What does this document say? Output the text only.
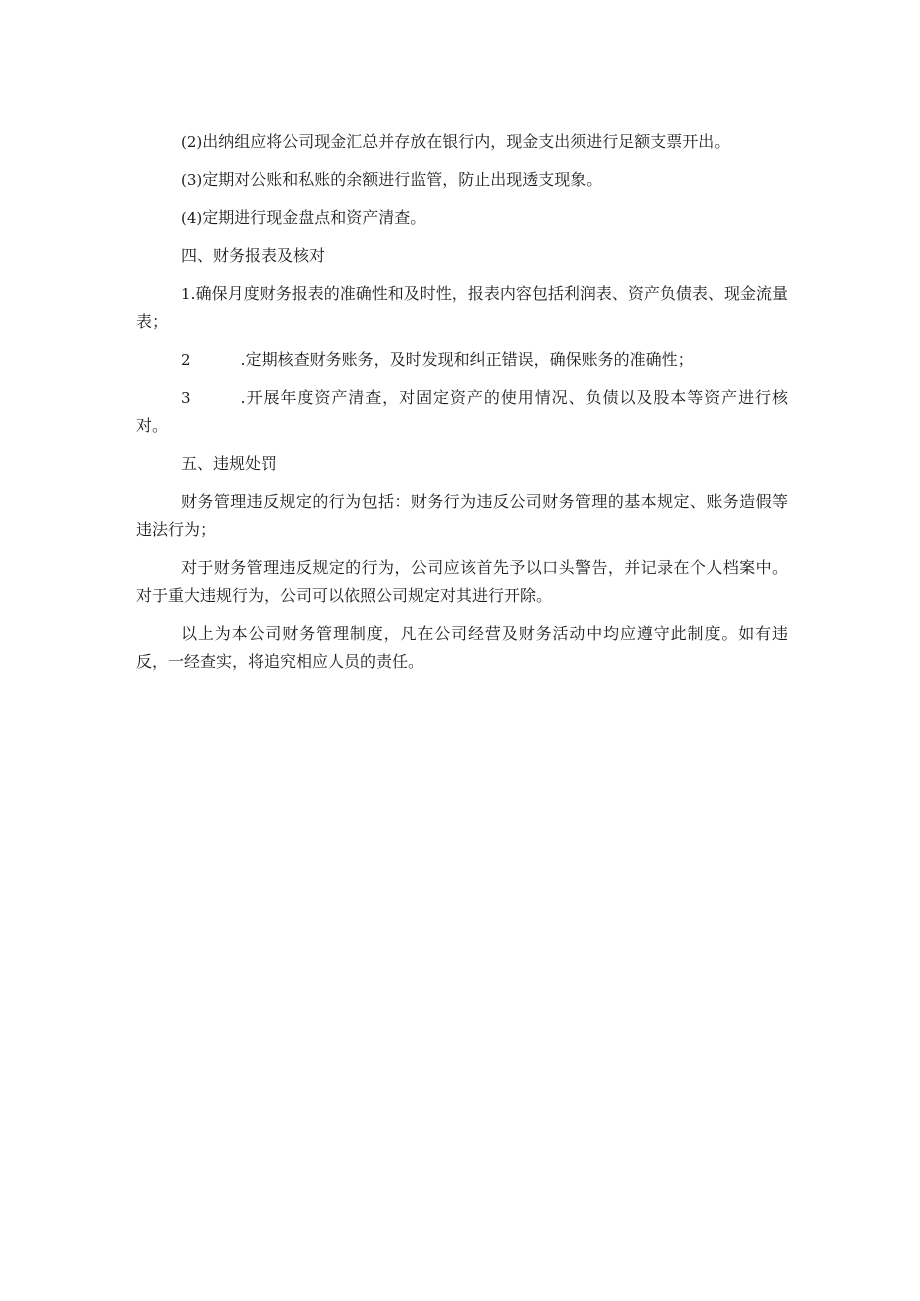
(2)出纳组应将公司现金汇总并存放在银行内，现金支出须进行足额支票开出。

(3)定期对公账和私账的余额进行监管，防止出现透支现象。

(4)定期进行现金盘点和资产清查。

四、财务报表及核对

1.确保月度财务报表的准确性和及时性，报表内容包括利润表、资产负债表、现金流量表；

2	.定期核查财务账务，及时发现和纠正错误，确保账务的准确性；

3	.开展年度资产清查，对固定资产的使用情况、负债以及股本等资产进行核对。

五、违规处罚

财务管理违反规定的行为包括：财务行为违反公司财务管理的基本规定、账务造假等违法行为；

对于财务管理违反规定的行为，公司应该首先予以口头警告，并记录在个人档案中。对于重大违规行为，公司可以依照公司规定对其进行开除。

以上为本公司财务管理制度，凡在公司经营及财务活动中均应遵守此制度。如有违反，一经查实，将追究相应人员的责任。
